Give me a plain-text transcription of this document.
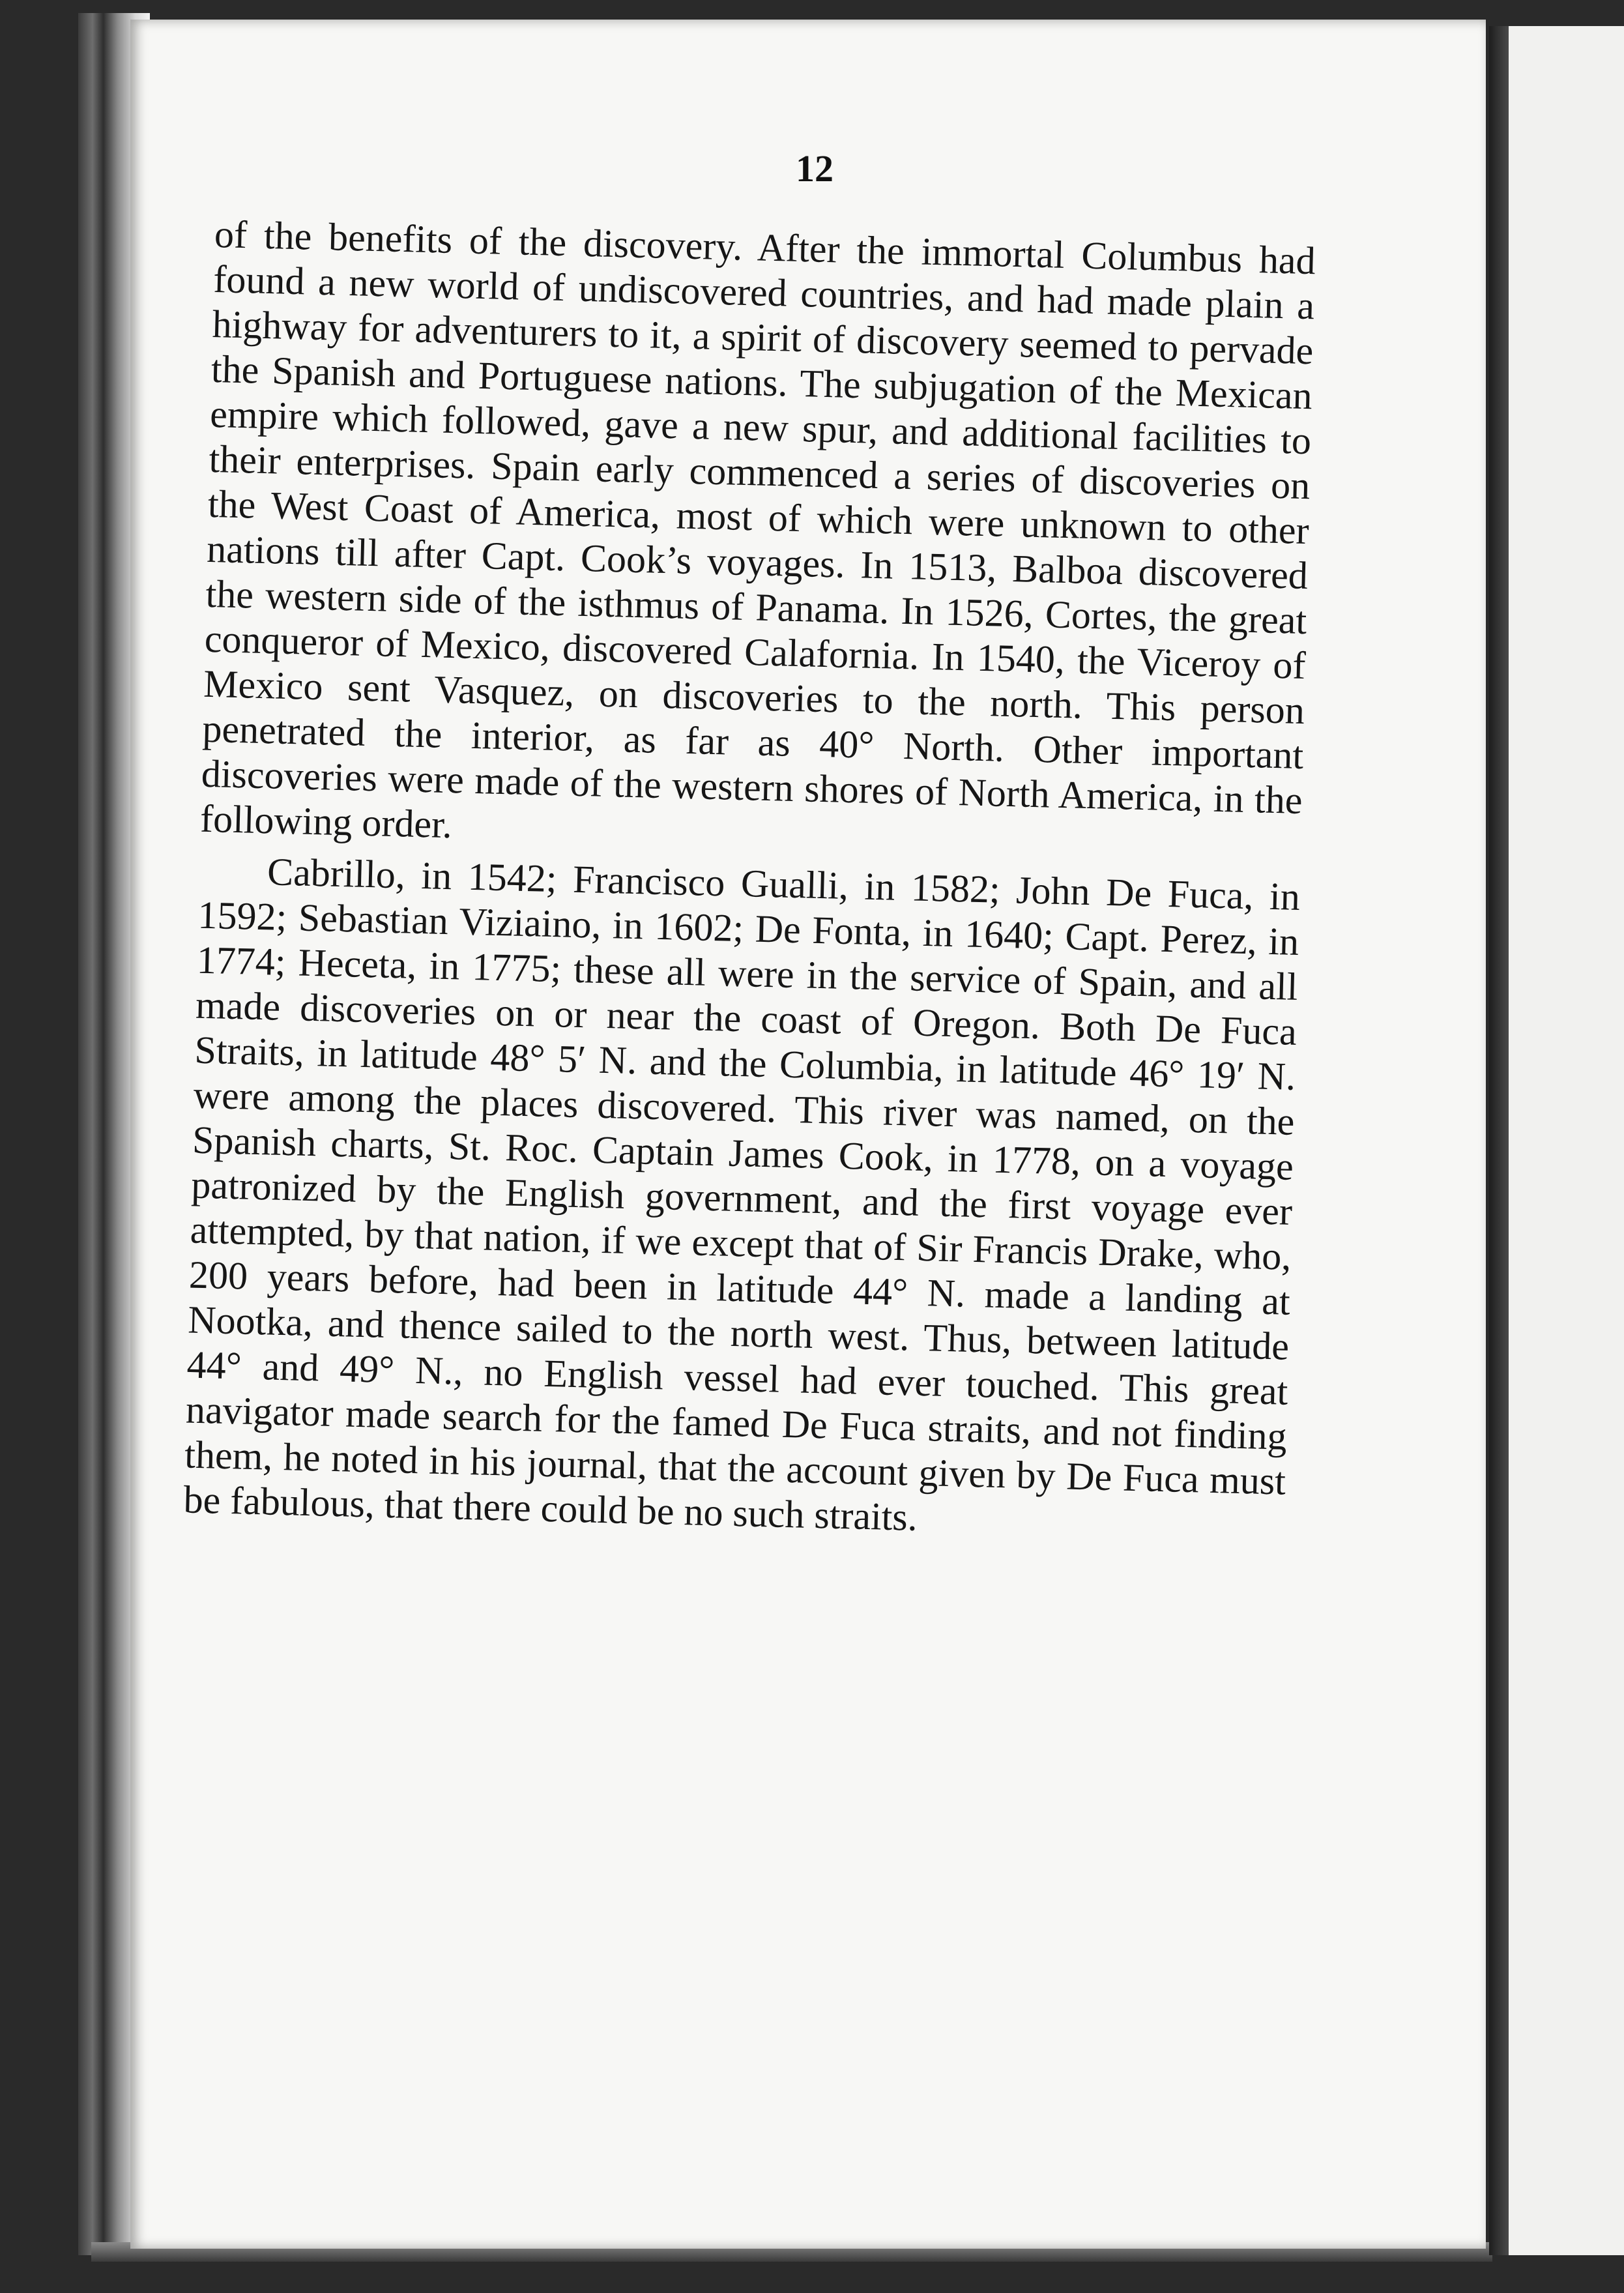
12

of the benefits of the discovery. After the immortal Columbus had found a new world of undiscovered countries, and had made plain a highway for adventurers to it, a spirit of discovery seemed to pervade the Spanish and Portuguese nations. The subjugation of the Mexican empire which followed, gave a new spur, and additional facilities to their enterprises. Spain early commenced a series of discoveries on the West Coast of America, most of which were unknown to other nations till after Capt. Cook’s voyages. In 1513, Balboa discovered the western side of the isthmus of Panama. In 1526, Cortes, the great conqueror of Mexico, discovered Calafornia. In 1540, the Viceroy of Mexico sent Vasquez, on discoveries to the north. This person penetrated the interior, as far as 40° North. Other important discoveries were made of the western shores of North America, in the following order.

Cabrillo, in 1542; Francisco Gualli, in 1582; John De Fuca, in 1592; Sebastian Viziaino, in 1602; De Fonta, in 1640; Capt. Perez, in 1774; Heceta, in 1775; these all were in the service of Spain, and all made discoveries on or near the coast of Oregon. Both De Fuca Straits, in latitude 48° 5′ N. and the Columbia, in latitude 46° 19′ N. were among the places discovered. This river was named, on the Spanish charts, St. Roc. Captain James Cook, in 1778, on a voyage patronized by the English government, and the first voyage ever attempted, by that nation, if we except that of Sir Francis Drake, who, 200 years before, had been in latitude 44° N. made a landing at Nootka, and thence sailed to the north west. Thus, between latitude 44° and 49° N., no English vessel had ever touched. This great navigator made search for the famed De Fuca straits, and not finding them, he noted in his journal, that the account given by De Fuca must be fabulous, that there could be no such straits.
